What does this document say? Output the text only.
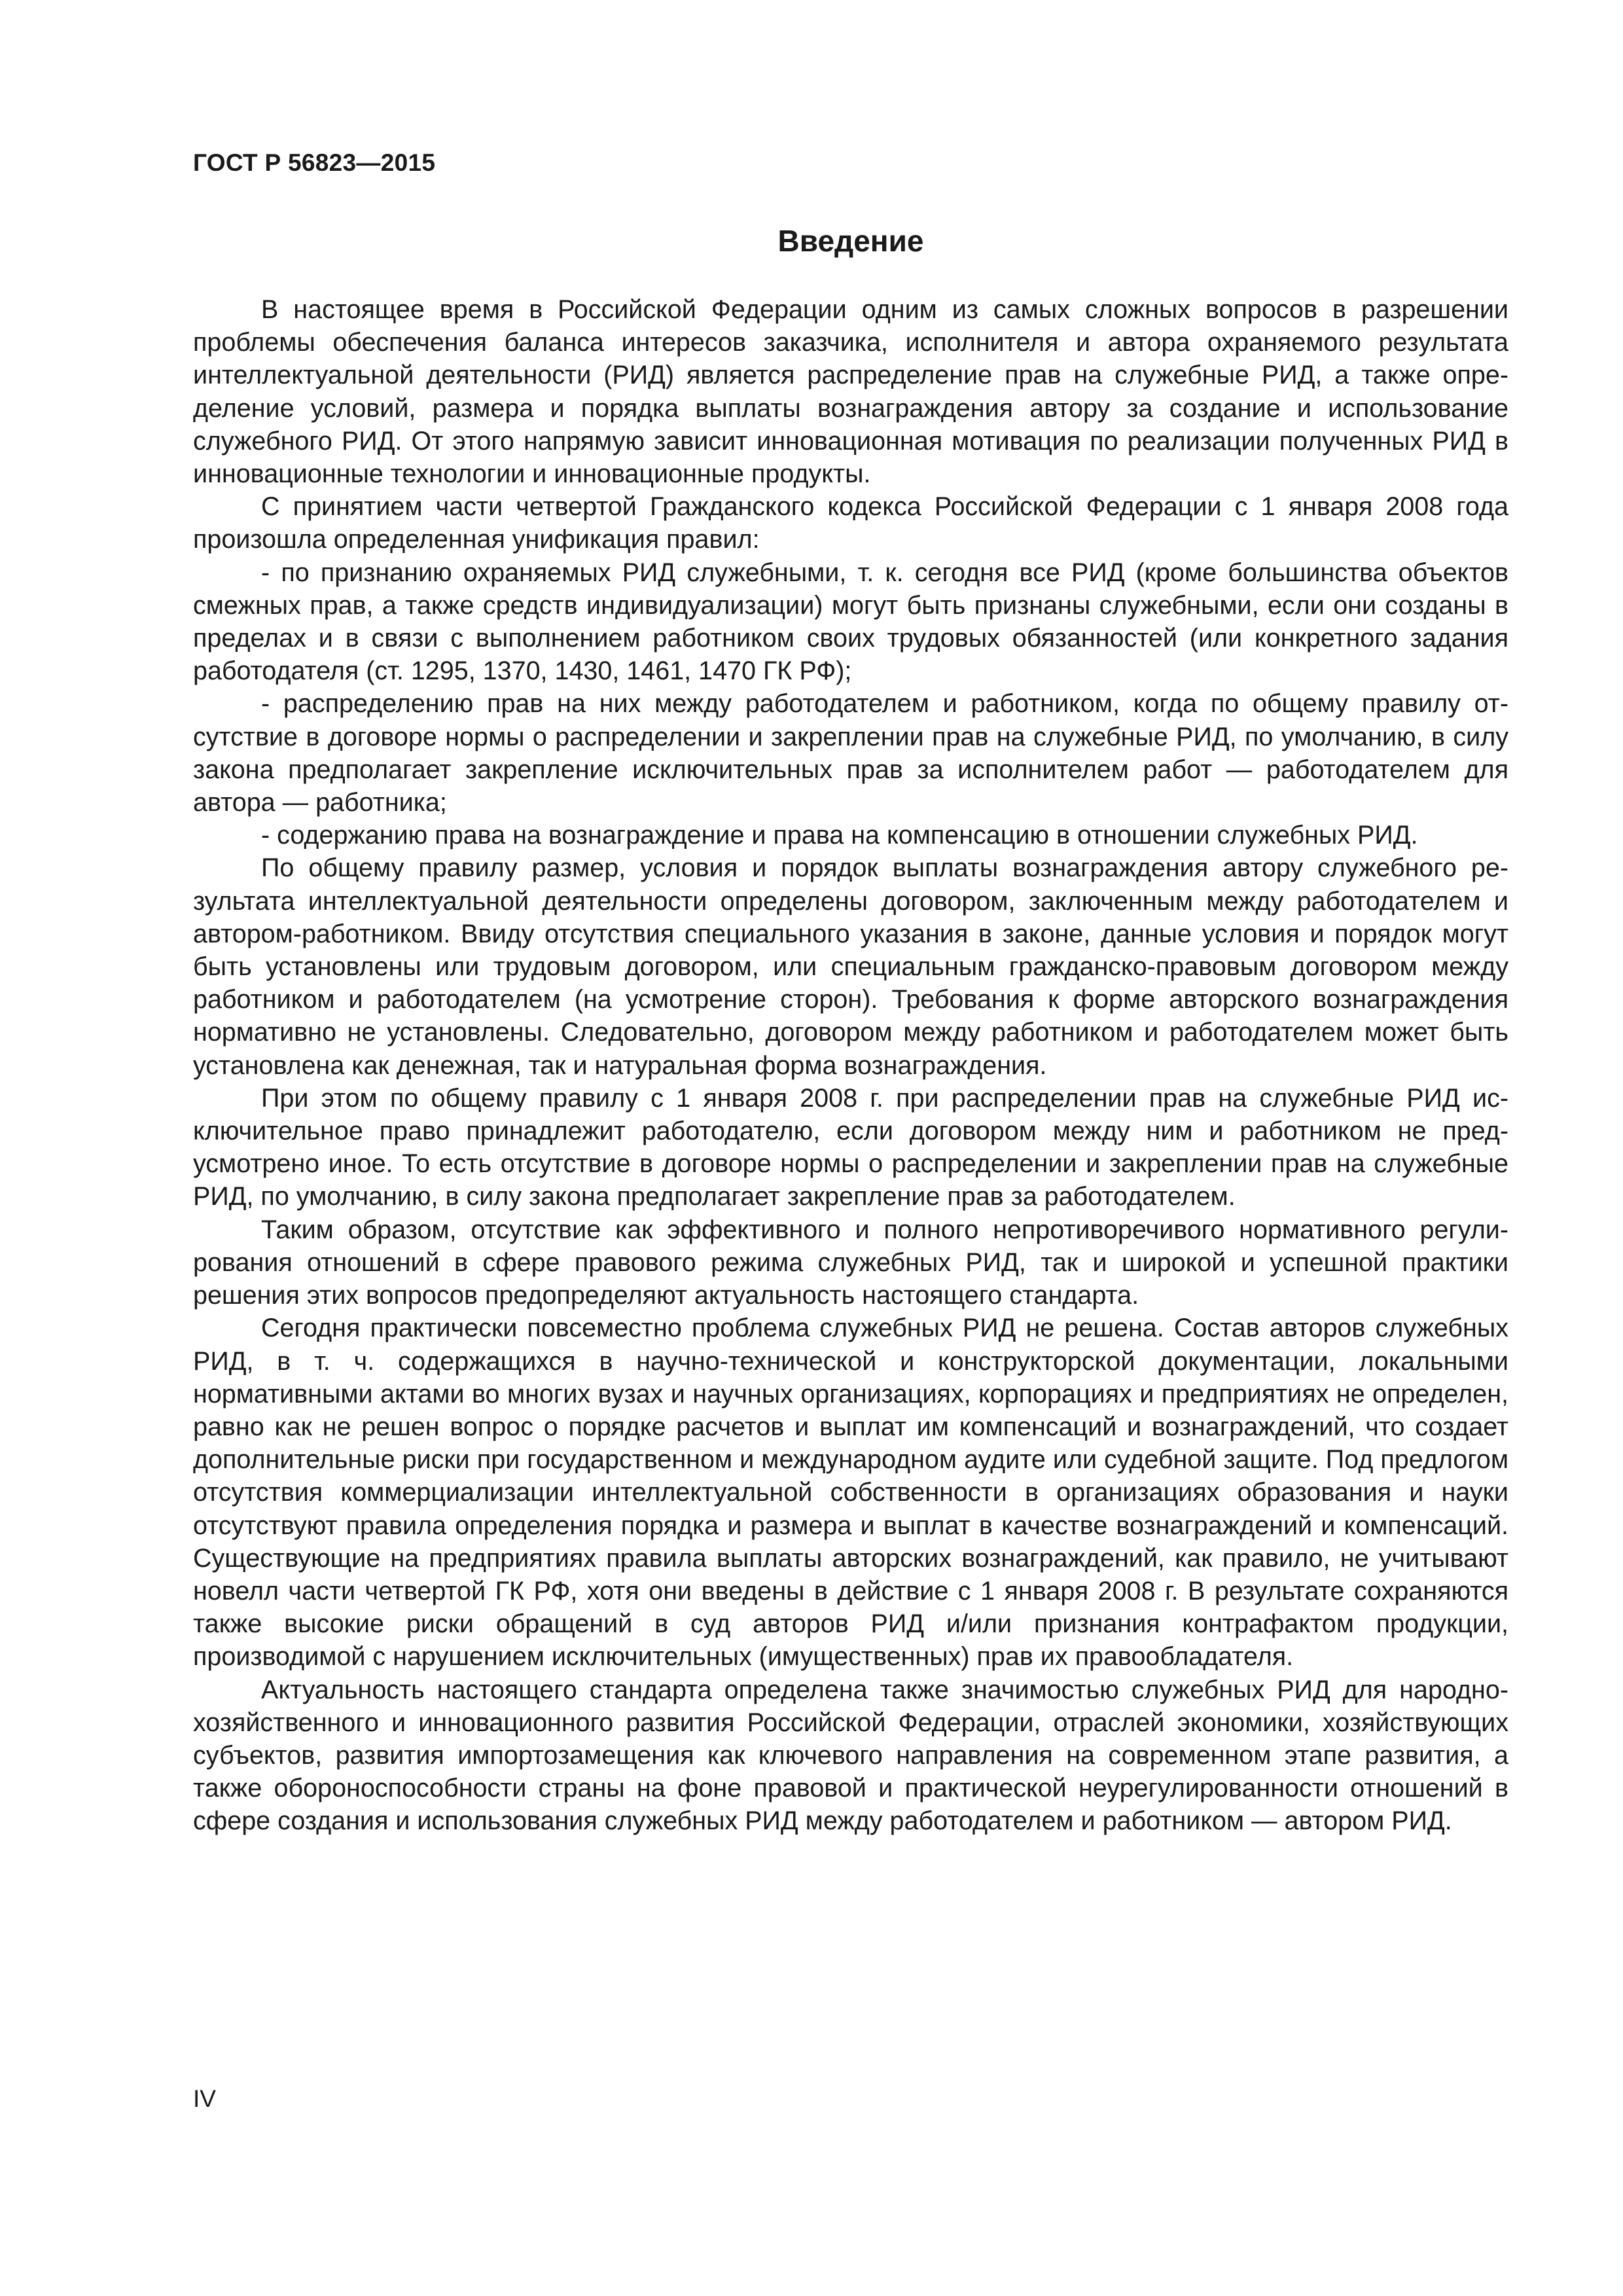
ГОСТ Р 56823—2015
Введение

В настоящее время в Российской Федерации одним из самых сложных вопросов в разрешении проблемы обеспечения баланса интересов заказчика, исполнителя и автора охраняемого результата интеллектуальной деятельности (РИД) является распределение прав на служебные РИД, а также определение условий, размера и порядка выплаты вознаграждения автору за создание и использование служебного РИД. От этого напрямую зависит инновационная мотивация по реализации полученных РИД в инновационные технологии и инновационные продукты.

С принятием части четвертой Гражданского кодекса Российской Федерации с 1 января 2008 года произошла определенная унификация правил:

- по признанию охраняемых РИД служебными, т. к. сегодня все РИД (кроме большинства объектов смежных прав, а также средств индивидуализации) могут быть признаны служебными, если они созданы в пределах и в связи с выполнением работником своих трудовых обязанностей (или конкретного задания работодателя (ст. 1295, 1370, 1430, 1461, 1470 ГК РФ);

- распределению прав на них между работодателем и работником, когда по общему правилу отсутствие в договоре нормы о распределении и закреплении прав на служебные РИД, по умолчанию, в силу закона предполагает закрепление исключительных прав за исполнителем работ — работодателем для автора — работника;

- содержанию права на вознаграждение и права на компенсацию в отношении служебных РИД.

По общему правилу размер, условия и порядок выплаты вознаграждения автору служебного результата интеллектуальной деятельности определены договором, заключенным между работодателем и автором-работником. Ввиду отсутствия специального указания в законе, данные условия и порядок могут быть установлены или трудовым договором, или специальным гражданско-правовым договором между работником и работодателем (на усмотрение сторон). Требования к форме авторского вознаграждения нормативно не установлены. Следовательно, договором между работником и работодателем может быть установлена как денежная, так и натуральная форма вознаграждения.

При этом по общему правилу с 1 января 2008 г. при распределении прав на служебные РИД исключительное право принадлежит работодателю, если договором между ним и работником не предусмотрено иное. То есть отсутствие в договоре нормы о распределении и закреплении прав на служебные РИД, по умолчанию, в силу закона предполагает закрепление прав за работодателем.

Таким образом, отсутствие как эффективного и полного непротиворечивого нормативного регулирования отношений в сфере правового режима служебных РИД, так и широкой и успешной практики решения этих вопросов предопределяют актуальность настоящего стандарта.

Сегодня практически повсеместно проблема служебных РИД не решена. Состав авторов служебных РИД, в т. ч. содержащихся в научно-технической и конструкторской документации, локальными нормативными актами во многих вузах и научных организациях, корпорациях и предприятиях не определен, равно как не решен вопрос о порядке расчетов и выплат им компенсаций и вознаграждений, что создает дополнительные риски при государственном и международном аудите или судебной защите. Под предлогом отсутствия коммерциализации интеллектуальной собственности в организациях образования и науки отсутствуют правила определения порядка и размера и выплат в качестве вознаграждений и компенсаций. Существующие на предприятиях правила выплаты авторских вознаграждений, как правило, не учитывают новелл части четвертой ГК РФ, хотя они введены в действие с 1 января 2008 г. В результате сохраняются также высокие риски обращений в суд авторов РИД и/или признания контрафактом продукции, производимой с нарушением исключительных (имущественных) прав их правообладателя.

Актуальность настоящего стандарта определена также значимостью служебных РИД для народно-хозяйственного и инновационного развития Российской Федерации, отраслей экономики, хозяйствующих субъектов, развития импортозамещения как ключевого направления на современном этапе развития, а также обороноспособности страны на фоне правовой и практической неурегулированности отношений в сфере создания и использования служебных РИД между работодателем и работником — автором РИД.

IV
